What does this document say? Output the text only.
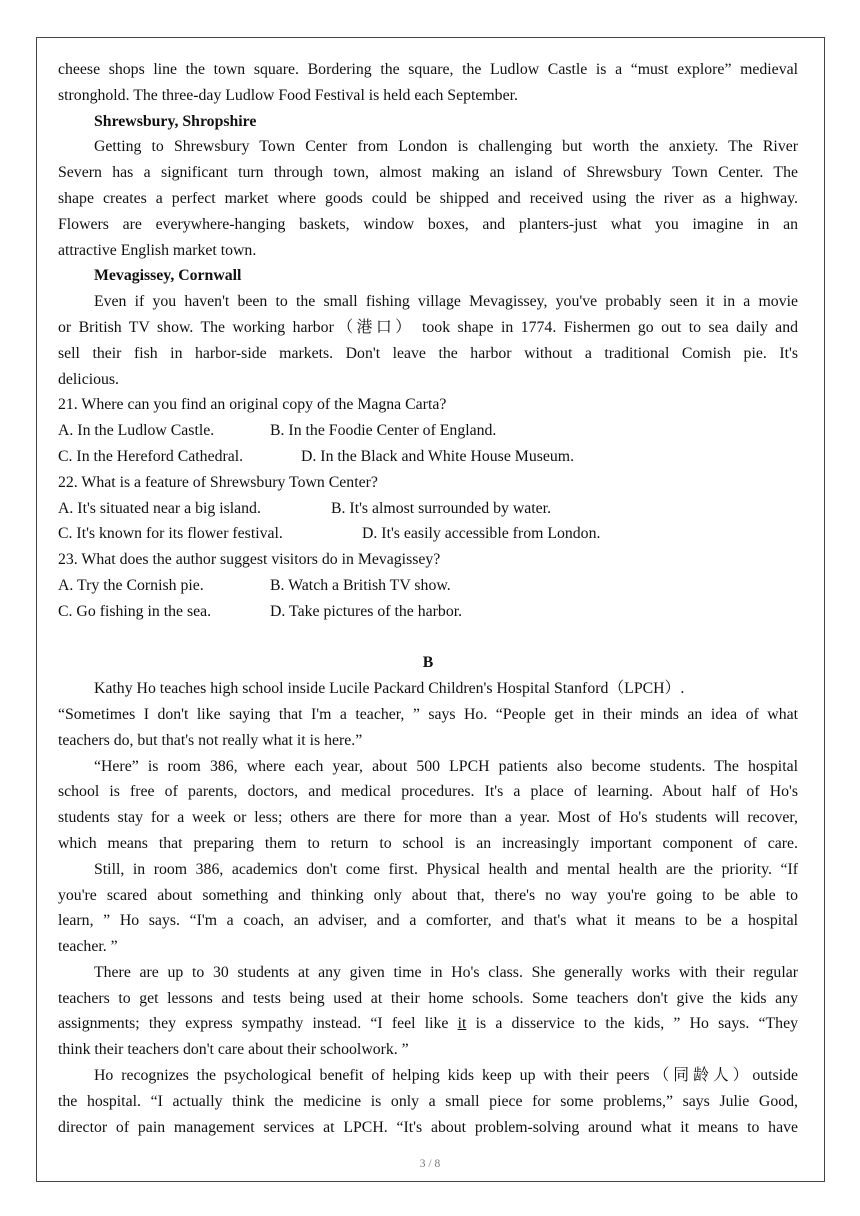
cheese shops line the town square. Bordering the square, the Ludlow Castle is a “must explore” medieval
stronghold. The three-day Ludlow Food Festival is held each September.
Shrewsbury, Shropshire
Getting to Shrewsbury Town Center from London is challenging but worth the anxiety. The River
Severn has a significant turn through town, almost making an island of Shrewsbury Town Center. The
shape creates a perfect market where goods could be shipped and received using the river as a highway.
Flowers are everywhere-hanging baskets, window boxes, and planters-just what you imagine in an
attractive English market town.
Mevagissey, Cornwall
Even if you haven't been to the small fishing village Mevagissey, you've probably seen it in a movie
or British TV show. The working harbor（港口） took shape in 1774. Fishermen go out to sea daily and
sell their fish in harbor-side markets. Don't leave the harbor without a traditional Comish pie. It's
delicious.
21. Where can you find an original copy of the Magna Carta?
A. In the Ludlow Castle.	B. In the Foodie Center of England.
C. In the Hereford Cathedral.	D. In the Black and White House Museum.
22. What is a feature of Shrewsbury Town Center?
A. It's situated near a big island.	B. It's almost surrounded by water.
C. It's known for its flower festival.	D. It's easily accessible from London.
23. What does the author suggest visitors do in Mevagissey?
A. Try the Cornish pie.	B. Watch a British TV show.
C. Go fishing in the sea.	D. Take pictures of the harbor.
B
Kathy Ho teaches high school inside Lucile Packard Children's Hospital Stanford（LPCH）.
“Sometimes I don't like saying that I'm a teacher, ” says Ho. “People get in their minds an idea of what
teachers do, but that's not really what it is here.”
“Here” is room 386, where each year, about 500 LPCH patients also become students. The hospital
school is free of parents, doctors, and medical procedures. It's a place of learning. About half of Ho's
students stay for a week or less; others are there for more than a year. Most of Ho's students will recover,
which means that preparing them to return to school is an increasingly important component of care.
Still, in room 386, academics don't come first. Physical health and mental health are the priority. “If
you're scared about something and thinking only about that, there's no way you're going to be able to
learn, ” Ho says. “I'm a coach, an adviser, and a comforter, and that's what it means to be a hospital
teacher. ”
There are up to 30 students at any given time in Ho's class. She generally works with their regular
teachers to get lessons and tests being used at their home schools. Some teachers don't give the kids any
assignments; they express sympathy instead. “I feel like it is a disservice to the kids, ” Ho says. “They
think their teachers don't care about their schoolwork. ”
Ho recognizes the psychological benefit of helping kids keep up with their peers（同龄人）outside
the hospital. “I actually think the medicine is only a small piece for some problems,” says Julie Good,
director of pain management services at LPCH. “It's about problem-solving around what it means to have
3 / 8
